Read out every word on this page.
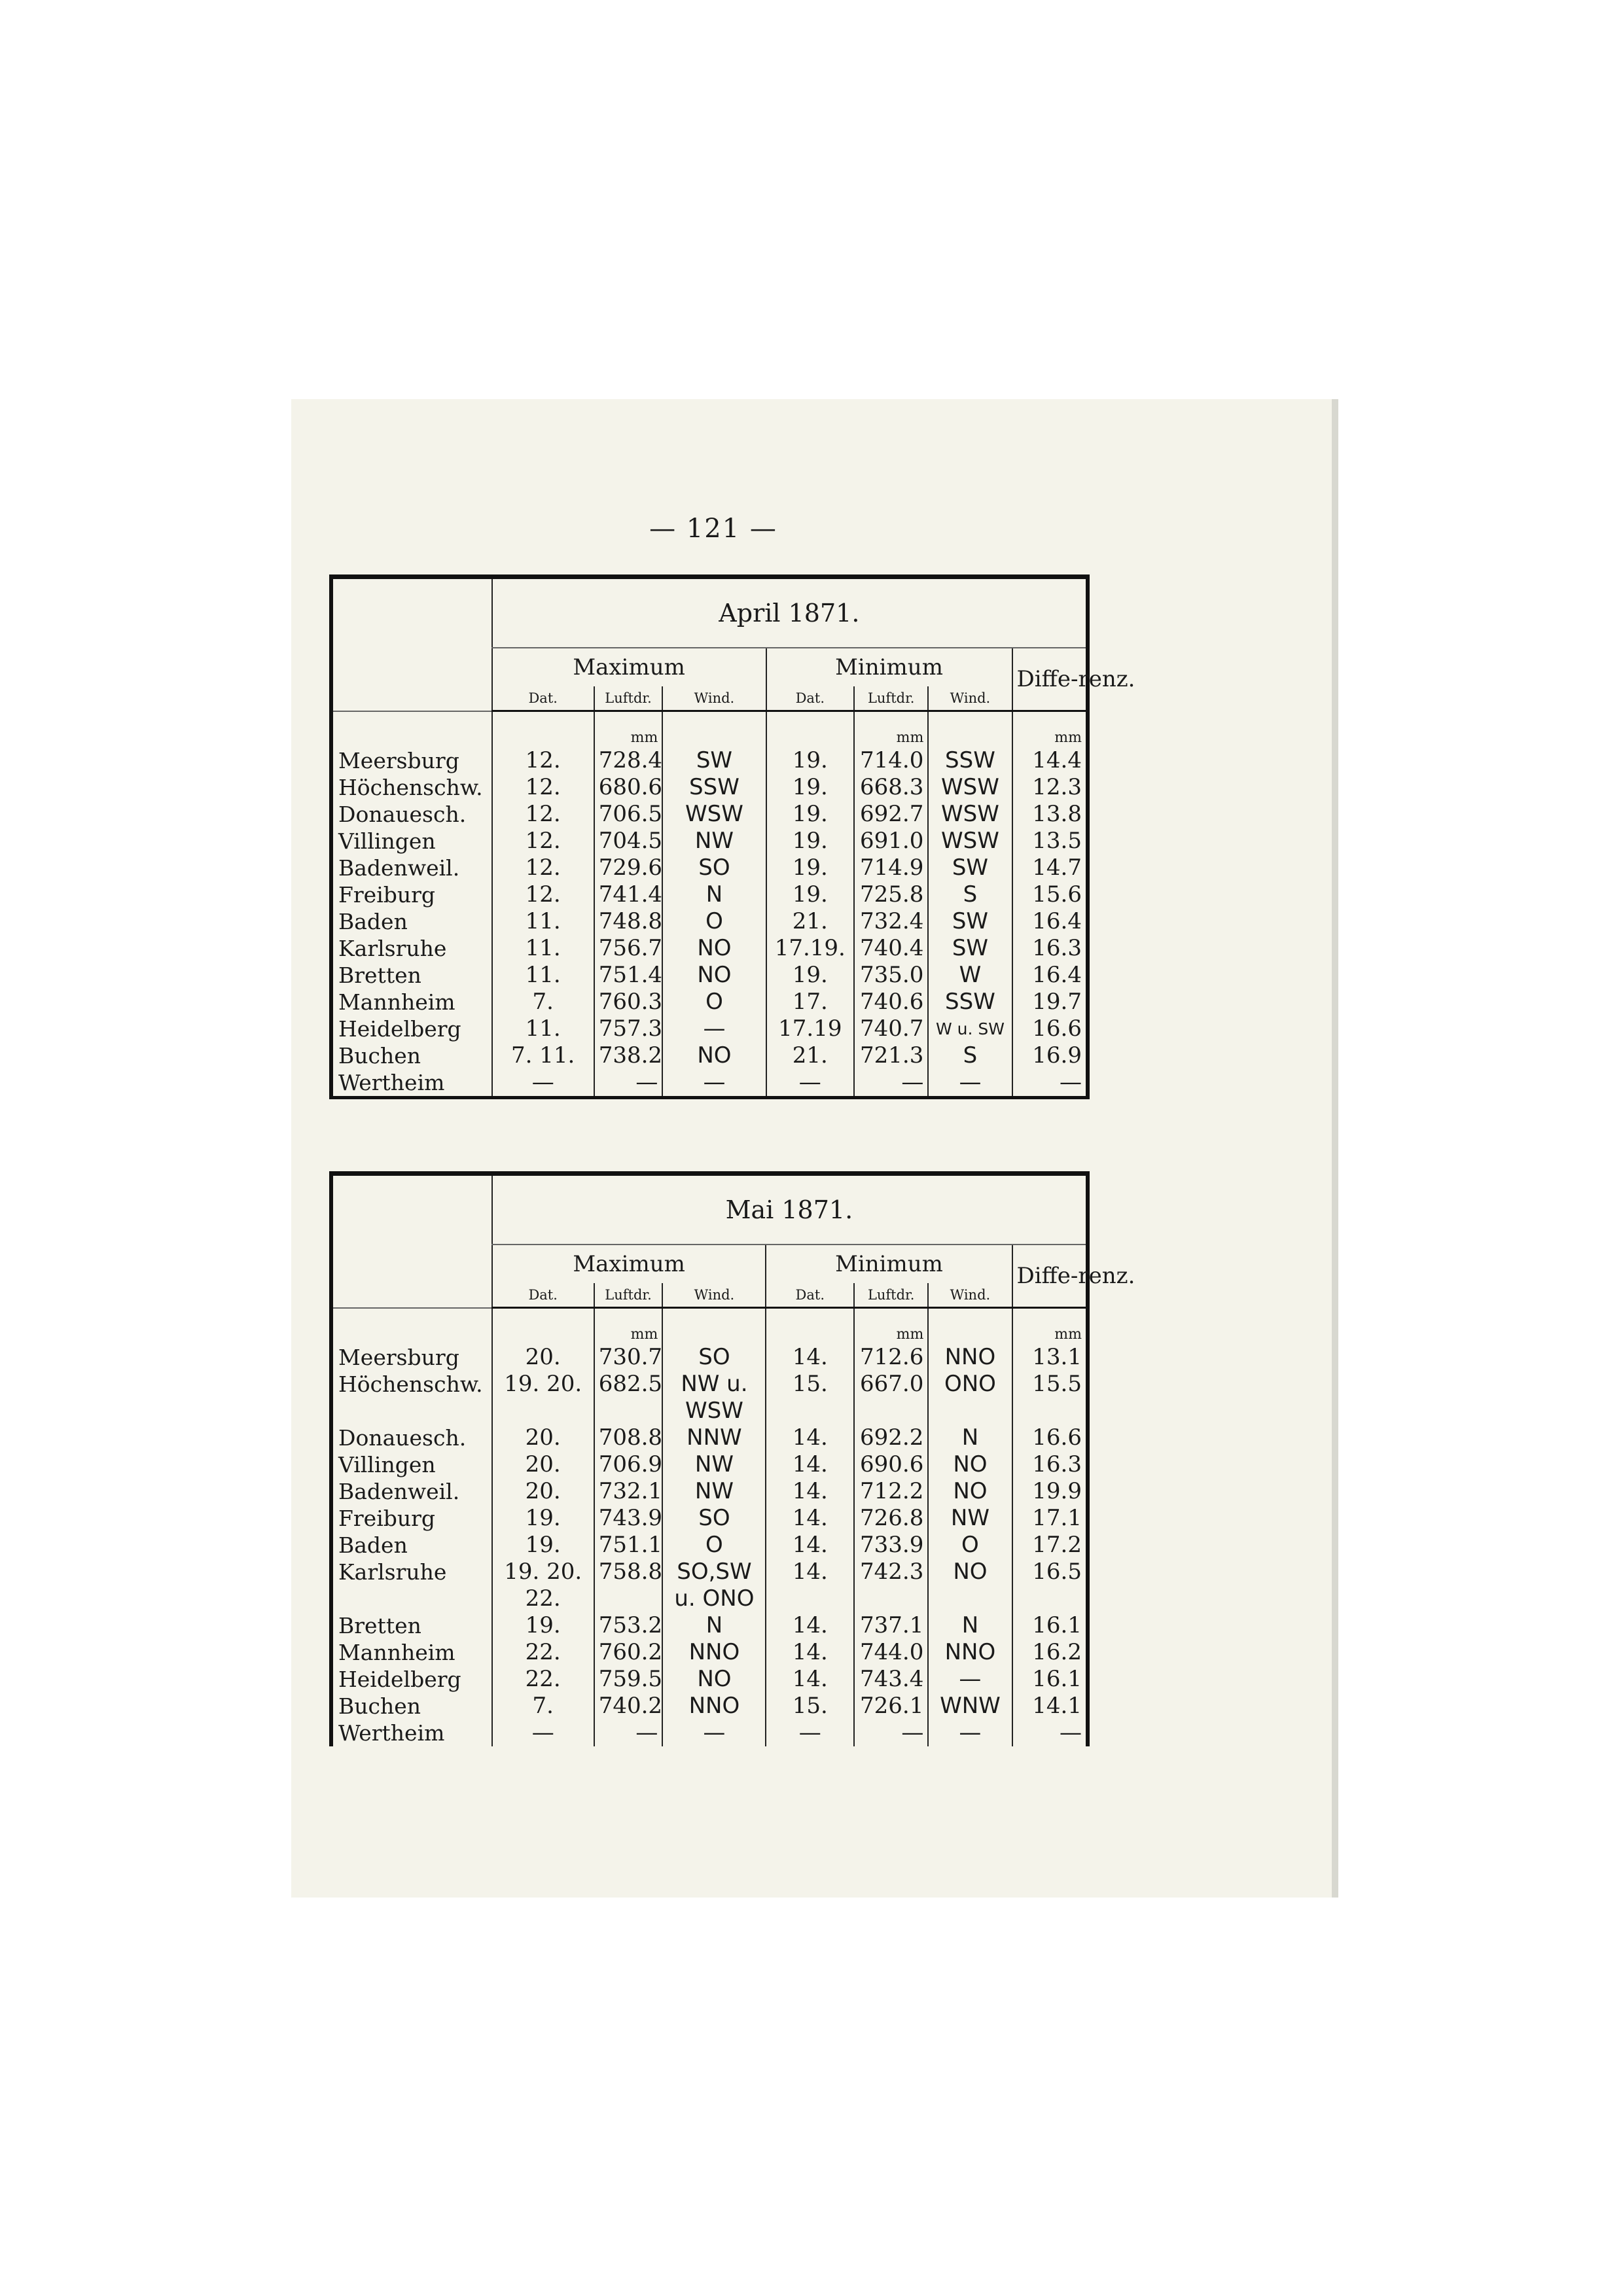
— 121 —
	April 1871.						
	Maximum			Minimum			Diffe-renz.
	Dat.	Luftdr.	Wind.	Dat.	Luftdr.	Wind.	
		mm			mm		mm
Meersburg	12.	728.4	SW	19.	714.0	SSW	14.4
Höchenschw.	12.	680.6	SSW	19.	668.3	WSW	12.3
Donauesch.	12.	706.5	WSW	19.	692.7	WSW	13.8
Villingen	12.	704.5	NW	19.	691.0	WSW	13.5
Badenweil.	12.	729.6	SO	19.	714.9	SW	14.7
Freiburg	12.	741.4	N	19.	725.8	S	15.6
Baden	11.	748.8	O	21.	732.4	SW	16.4
Karlsruhe	11.	756.7	NO	17.19.	740.4	SW	16.3
Bretten	11.	751.4	NO	19.	735.0	W	16.4
Mannheim	7.	760.3	O	17.	740.6	SSW	19.7
Heidelberg	11.	757.3	—	17.19	740.7	W u. SW	16.6
Buchen	7. 11.	738.2	NO	21.	721.3	S	16.9
Wertheim	—	—	—	—	—	—	—
	Mai 1871.						
	Maximum			Minimum			Diffe-renz.
	Dat.	Luftdr.	Wind.	Dat.	Luftdr.	Wind.	
		mm			mm		mm
Meersburg	20.	730.7	SO	14.	712.6	NNO	13.1
Höchenschw.	19. 20.	682.5	NW u.	15.	667.0	ONO	15.5
			WSW				
Donauesch.	20.	708.8	NNW	14.	692.2	N	16.6
Villingen	20.	706.9	NW	14.	690.6	NO	16.3
Badenweil.	20.	732.1	NW	14.	712.2	NO	19.9
Freiburg	19.	743.9	SO	14.	726.8	NW	17.1
Baden	19.	751.1	O	14.	733.9	O	17.2
Karlsruhe	19. 20.	758.8	SO,SW	14.	742.3	NO	16.5
	22.		u. ONO				
Bretten	19.	753.2	N	14.	737.1	N	16.1
Mannheim	22.	760.2	NNO	14.	744.0	NNO	16.2
Heidelberg	22.	759.5	NO	14.	743.4	—	16.1
Buchen	7.	740.2	NNO	15.	726.1	WNW	14.1
Wertheim	—	—	—	—	—	—	—
